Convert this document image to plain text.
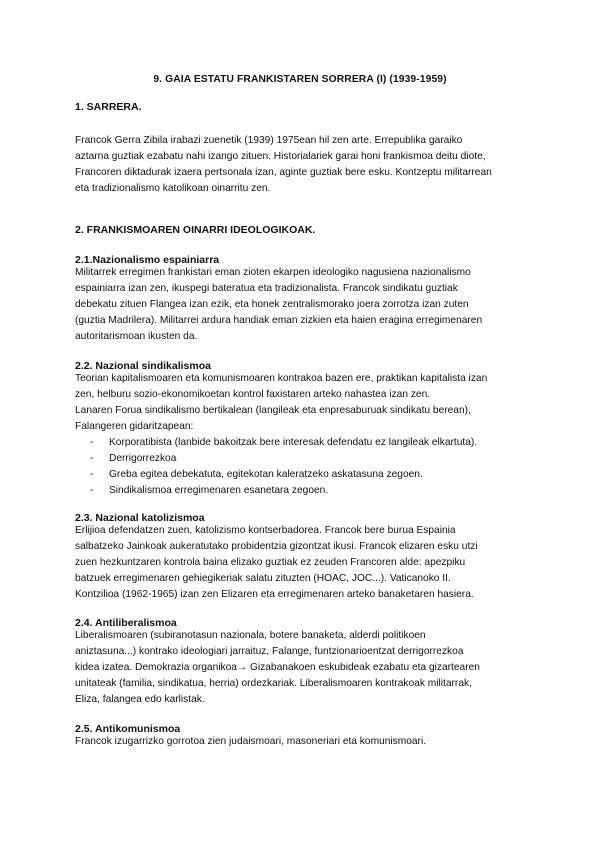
9. GAIA ESTATU FRANKISTAREN SORRERA (I) (1939-1959)
1. SARRERA.
Francok Gerra Zibila irabazi zuenetik (1939) 1975ean hil zen arte. Errepublika garaiko
aztarna guztiak ezabatu nahi izango zituen. Historialariek garai honi frankismoa deitu diote,
Francoren diktadurak izaera pertsonala izan, aginte guztiak bere esku. Kontzeptu militarrean
eta tradizionalismo katolikoan oinarritu zen.
2. FRANKISMOAREN OINARRI IDEOLOGIKOAK.
2.1.Nazionalismo espainiarra
Militarrek erregimen frankistari eman zioten ekarpen ideologiko nagusiena nazionalismo
espainiarra izan zen, ikuspegi bateratua eta tradizionalista. Francok sindikatu guztiak
debekatu zituen Flangea izan ezik, eta honek zentralismorako joera zorrotza izan zuten
(guztia Madrilera). Militarrei ardura handiak eman zizkien eta haien eragina erregimenaren
autoritarismoan ikusten da.
2.2. Nazional sindikalismoa
Teorian kapitalismoaren eta komunismoaren kontrakoa bazen ere, praktikan kapitalista izan
zen, helburu sozio-ekonomikoetan kontrol faxistaren arteko nahastea izan zen.
Lanaren Forua sindikalismo bertikalean (langileak eta enpresaburuak sindikatu berean),
Falangeren gidaritzapean:
- Korporatibista (lanbide bakoitzak bere interesak defendatu ez langileak elkartuta).
- Derrigorrezkoa
- Greba egitea debekatuta, egitekotan kaleratzeko askatasuna zegoen.
- Sindikalismoa erregimenaren esanetara zegoen.
2.3. Nazional katolizismoa
Erlijioa defendatzen zuen, katolizismo kontserbadorea. Francok bere burua Espainia
salbatzeko Jainkoak aukeratutako probidentzia gizontzat ikusi. Francok elizaren esku utzi
zuen hezkuntzaren kontrola baina elizako guztiak ez zeuden Francoren alde: apezpiku
batzuek erregimenaren gehiegikeriak salatu zituzten (HOAC, JOC...). Vaticanoko II.
Kontzilioa (1962-1965) izan zen Elizaren eta erregimenaren arteko banaketaren hasiera.
2.4. Antiliberalismoa
Liberalismoaren (subiranotasun nazionala, botere banaketa, alderdi politikoen
aniztasuna...) kontrako ideologiari jarraituz, Falange, funtzionarioentzat derrigorrezkoa
kidea izatea. Demokrazia organikoa→ Gizabanakoen eskubideak ezabatu eta gizartearen
unitateak (familia, sindikatua, herria) ordezkariak. Liberalismoaren kontrakoak militarrak,
Eliza, falangea edo karlistak.
2.5. Antikomunismoa
Francok izugarrizko gorrotoa zien judaismoari, masoneriari eta komunismoari.
